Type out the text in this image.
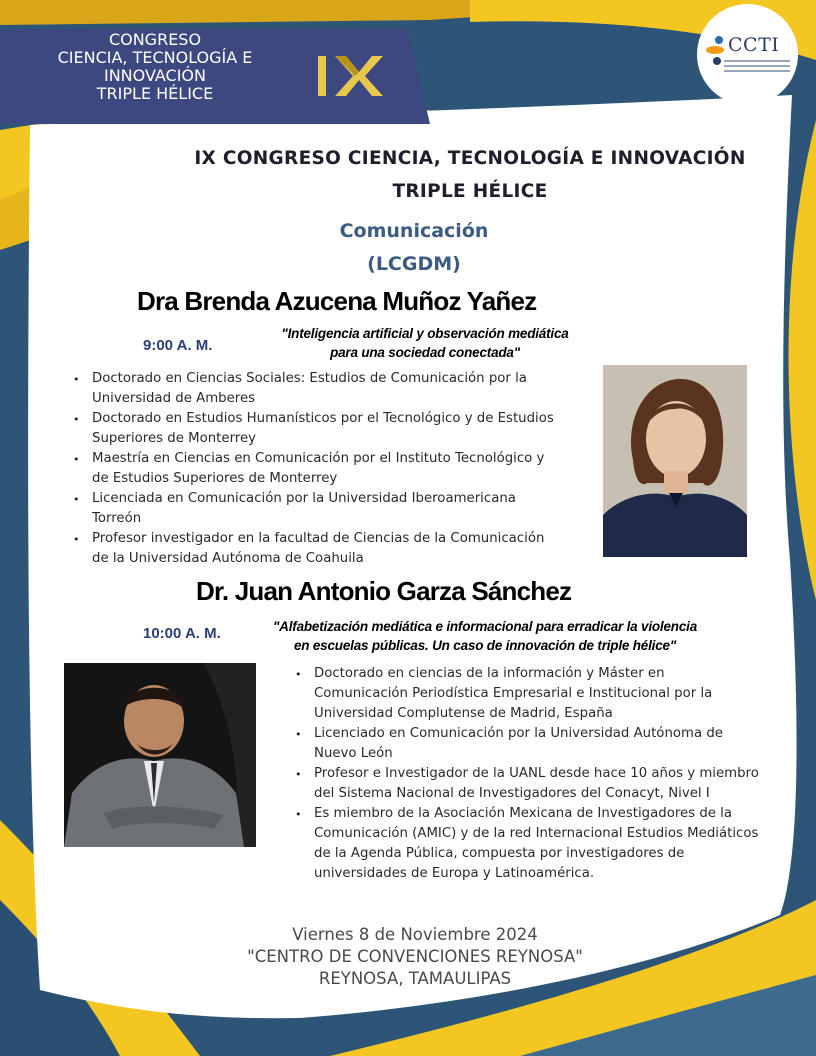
CONGRESO
CIENCIA, TECNOLOGÍA E
INNOVACIÓN
TRIPLE HÉLICE
CCTI
IX CONGRESO CIENCIA, TECNOLOGÍA E INNOVACIÓN
TRIPLE HÉLICE
Comunicación
(LCGDM)
Dra Brenda Azucena Muñoz Yañez
9:00 A. M.
"Inteligencia artificial y observación mediática
para una sociedad conectada"
• Doctorado en Ciencias Sociales: Estudios de Comunicación por la Universidad de Amberes
• Doctorado en Estudios Humanísticos por el Tecnológico y de Estudios Superiores de Monterrey
• Maestría en Ciencias en Comunicación por el Instituto Tecnológico y de Estudios Superiores de Monterrey
• Licenciada en Comunicación por la Universidad Iberoamericana Torreón
• Profesor investigador en la facultad de Ciencias de la Comunicación de la Universidad Autónoma de Coahuila
Dr. Juan Antonio Garza Sánchez
10:00 A. M.	"Alfabetización mediática e informacional para erradicar la violencia
en escuelas públicas. Un caso de innovación de triple hélice"
• Doctorado en ciencias de la información y Máster en Comunicación Periodística Empresarial e Institucional por la Universidad Complutense de Madrid, España
• Licenciado en Comunicación por la Universidad Autónoma de Nuevo León
• Profesor e Investigador de la UANL desde hace 10 años y miembro del Sistema Nacional de Investigadores del Conacyt, Nivel I
• Es miembro de la Asociación Mexicana de Investigadores de la Comunicación (AMIC) y de la red Internacional Estudios Mediáticos de la Agenda Pública, compuesta por investigadores de universidades de Europa y Latinoamérica.
Viernes 8 de Noviembre 2024
"CENTRO DE CONVENCIONES REYNOSA"
REYNOSA, TAMAULIPAS
